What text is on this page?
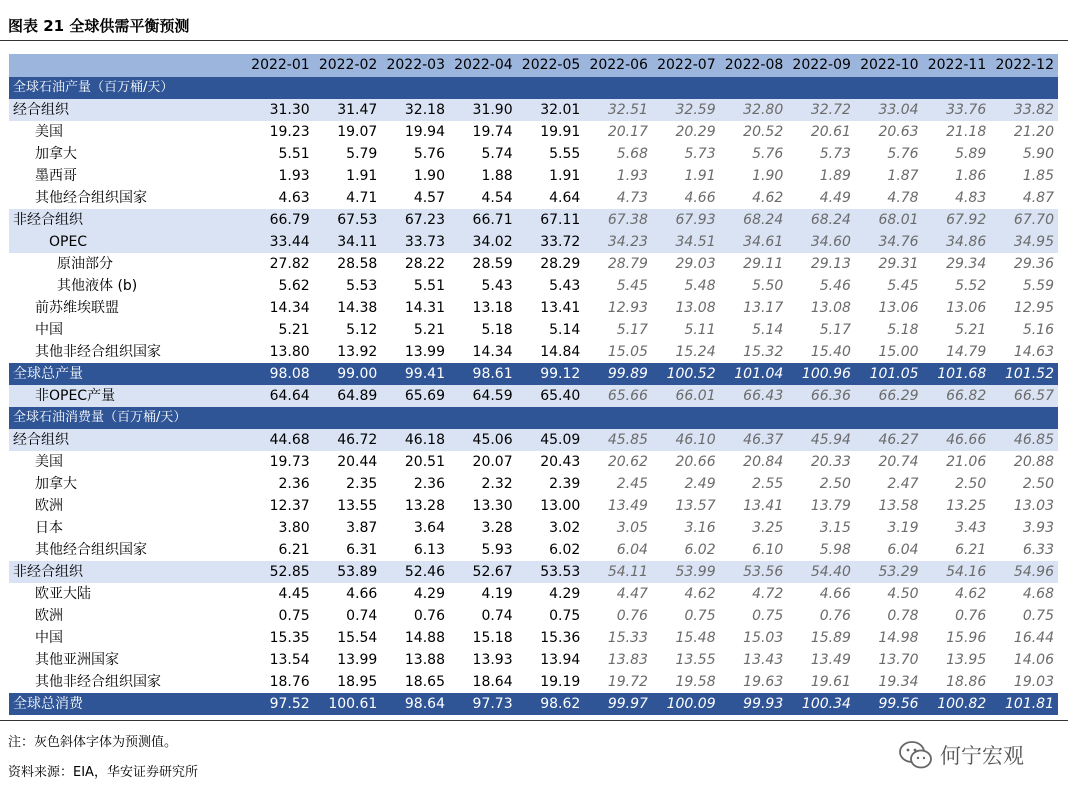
图表 21 全球供需平衡预测
	2022-01	2022-02	2022-03	2022-04	2022-05	2022-06	2022-07	2022-08	2022-09	2022-10	2022-11	2022-12
全球石油产量（百万桶/天）												
经合组织	31.30	31.47	32.18	31.90	32.01	32.51	32.59	32.80	32.72	33.04	33.76	33.82
美国	19.23	19.07	19.94	19.74	19.91	20.17	20.29	20.52	20.61	20.63	21.18	21.20
加拿大	5.51	5.79	5.76	5.74	5.55	5.68	5.73	5.76	5.73	5.76	5.89	5.90
墨西哥	1.93	1.91	1.90	1.88	1.91	1.93	1.91	1.90	1.89	1.87	1.86	1.85
其他经合组织国家	4.63	4.71	4.57	4.54	4.64	4.73	4.66	4.62	4.49	4.78	4.83	4.87
非经合组织	66.79	67.53	67.23	66.71	67.11	67.38	67.93	68.24	68.24	68.01	67.92	67.70
OPEC	33.44	34.11	33.73	34.02	33.72	34.23	34.51	34.61	34.60	34.76	34.86	34.95
原油部分	27.82	28.58	28.22	28.59	28.29	28.79	29.03	29.11	29.13	29.31	29.34	29.36
其他液体 (b)	5.62	5.53	5.51	5.43	5.43	5.45	5.48	5.50	5.46	5.45	5.52	5.59
前苏维埃联盟	14.34	14.38	14.31	13.18	13.41	12.93	13.08	13.17	13.08	13.06	13.06	12.95
中国	5.21	5.12	5.21	5.18	5.14	5.17	5.11	5.14	5.17	5.18	5.21	5.16
其他非经合组织国家	13.80	13.92	13.99	14.34	14.84	15.05	15.24	15.32	15.40	15.00	14.79	14.63
全球总产量	98.08	99.00	99.41	98.61	99.12	99.89	100.52	101.04	100.96	101.05	101.68	101.52
非OPEC产量	64.64	64.89	65.69	64.59	65.40	65.66	66.01	66.43	66.36	66.29	66.82	66.57
全球石油消费量（百万桶/天）												
经合组织	44.68	46.72	46.18	45.06	45.09	45.85	46.10	46.37	45.94	46.27	46.66	46.85
美国	19.73	20.44	20.51	20.07	20.43	20.62	20.66	20.84	20.33	20.74	21.06	20.88
加拿大	2.36	2.35	2.36	2.32	2.39	2.45	2.49	2.55	2.50	2.47	2.50	2.50
欧洲	12.37	13.55	13.28	13.30	13.00	13.49	13.57	13.41	13.79	13.58	13.25	13.03
日本	3.80	3.87	3.64	3.28	3.02	3.05	3.16	3.25	3.15	3.19	3.43	3.93
其他经合组织国家	6.21	6.31	6.13	5.93	6.02	6.04	6.02	6.10	5.98	6.04	6.21	6.33
非经合组织	52.85	53.89	52.46	52.67	53.53	54.11	53.99	53.56	54.40	53.29	54.16	54.96
欧亚大陆	4.45	4.66	4.29	4.19	4.29	4.47	4.62	4.72	4.66	4.50	4.62	4.68
欧洲	0.75	0.74	0.76	0.74	0.75	0.76	0.75	0.75	0.76	0.78	0.76	0.75
中国	15.35	15.54	14.88	15.18	15.36	15.33	15.48	15.03	15.89	14.98	15.96	16.44
其他亚洲国家	13.54	13.99	13.88	13.93	13.94	13.83	13.55	13.43	13.49	13.70	13.95	14.06
其他非经合组织国家	18.76	18.95	18.65	18.64	19.19	19.72	19.58	19.63	19.61	19.34	18.86	19.03
全球总消费	97.52	100.61	98.64	97.73	98.62	99.97	100.09	99.93	100.34	99.56	100.82	101.81
注：灰色斜体字体为预测值。
资料来源：EIA，华安证券研究所
何宁宏观
